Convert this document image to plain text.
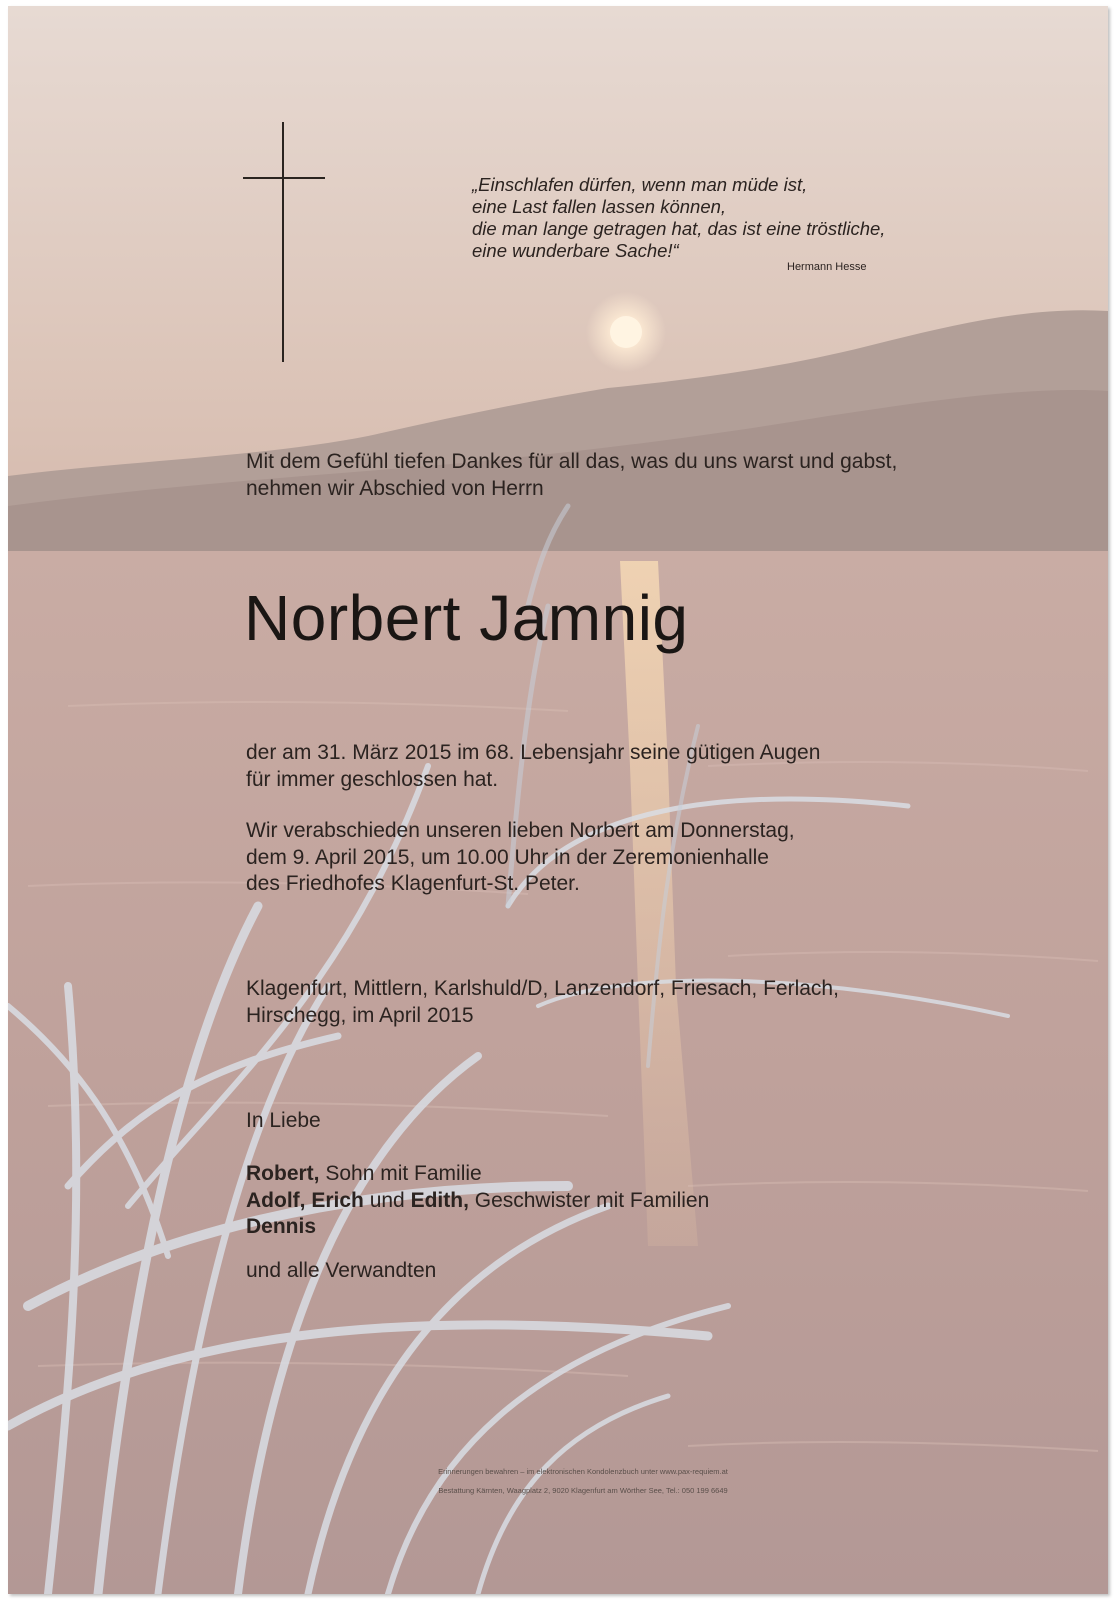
„Einschlafen dürfen, wenn man müde ist,
eine Last fallen lassen können,
die man lange getragen hat, das ist eine tröstliche,
eine wunderbare Sache!“
Hermann Hesse
Mit dem Gefühl tiefen Dankes für all das, was du uns warst und gabst,
nehmen wir Abschied von Herrn
Norbert Jamnig
der am 31. März 2015 im 68. Lebensjahr seine gütigen Augen
für immer geschlossen hat.
Wir verabschieden unseren lieben Norbert am Donnerstag,
dem 9. April 2015, um 10.00 Uhr in der Zeremonienhalle
des Friedhofes Klagenfurt-St. Peter.
Klagenfurt, Mittlern, Karlshuld/D, Lanzendorf, Friesach, Ferlach,
Hirschegg, im April 2015
In Liebe
Robert, Sohn mit Familie
Adolf, Erich und Edith, Geschwister mit Familien
Dennis
und alle Verwandten
Erinnerungen bewahren – im elektronischen Kondolenzbuch unter www.pax-requiem.at
Bestattung Kärnten, Waagplatz 2, 9020 Klagenfurt am Wörther See, Tel.: 050 199 6649
